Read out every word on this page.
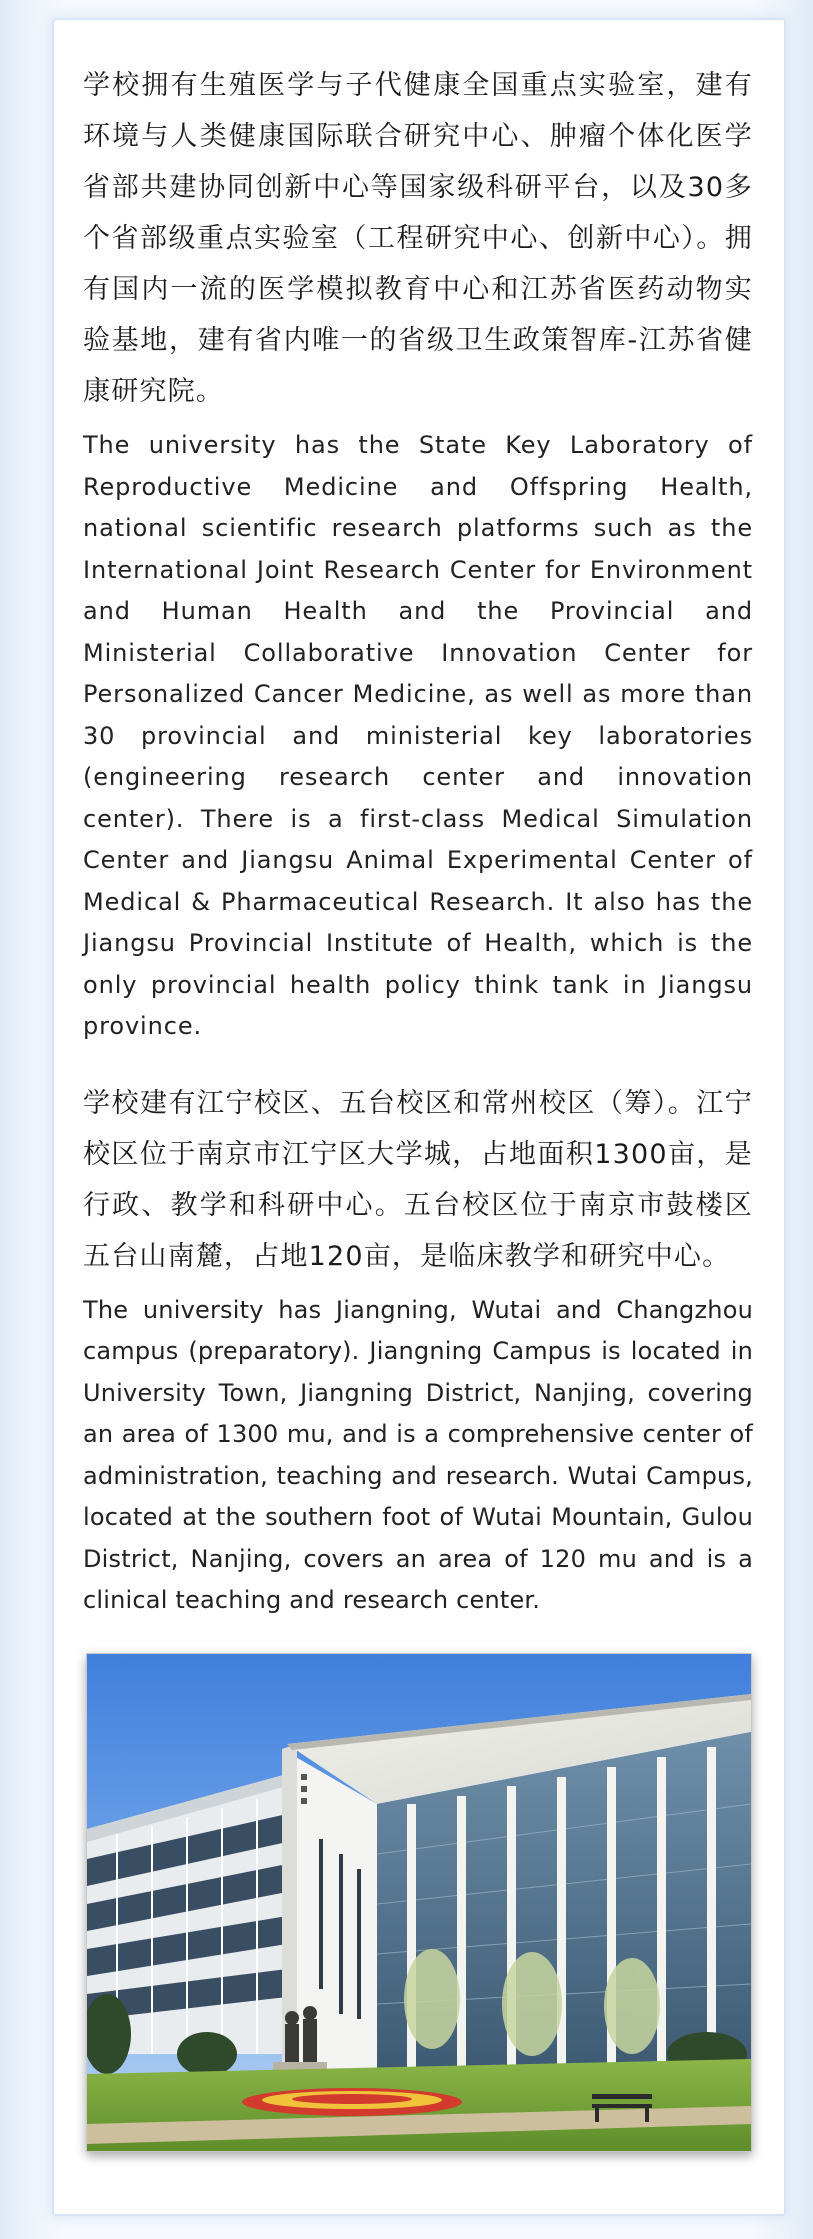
学校拥有生殖医学与子代健康全国重点实验室，建有环境与人类健康国际联合研究中心、肿瘤个体化医学省部共建协同创新中心等国家级科研平台，以及30多个省部级重点实验室（工程研究中心、创新中心）。拥有国内一流的医学模拟教育中心和江苏省医药动物实验基地，建有省内唯一的省级卫生政策智库-江苏省健康研究院。

The university has the State Key Laboratory of Reproductive Medicine and Offspring Health, national scientific research platforms such as the International Joint Research Center for Environment and Human Health and the Provincial and Ministerial Collaborative Innovation Center for Personalized Cancer Medicine, as well as more than 30 provincial and ministerial key laboratories (engineering research center and innovation center). There is a first-class Medical Simulation Center and Jiangsu Animal Experimental Center of Medical & Pharmaceutical Research. It also has the Jiangsu Provincial Institute of Health, which is the only provincial health policy think tank in Jiangsu province.

学校建有江宁校区、五台校区和常州校区（筹）。江宁校区位于南京市江宁区大学城，占地面积1300亩，是行政、教学和科研中心。五台校区位于南京市鼓楼区五台山南麓，占地120亩，是临床教学和研究中心。

The university has Jiangning, Wutai and Changzhou campus (preparatory). Jiangning Campus is located in University Town, Jiangning District, Nanjing, covering an area of 1300 mu, and is a comprehensive center of administration, teaching and research. Wutai Campus, located at the southern foot of Wutai Mountain, Gulou District, Nanjing, covers an area of 120 mu and is a clinical teaching and research center.
